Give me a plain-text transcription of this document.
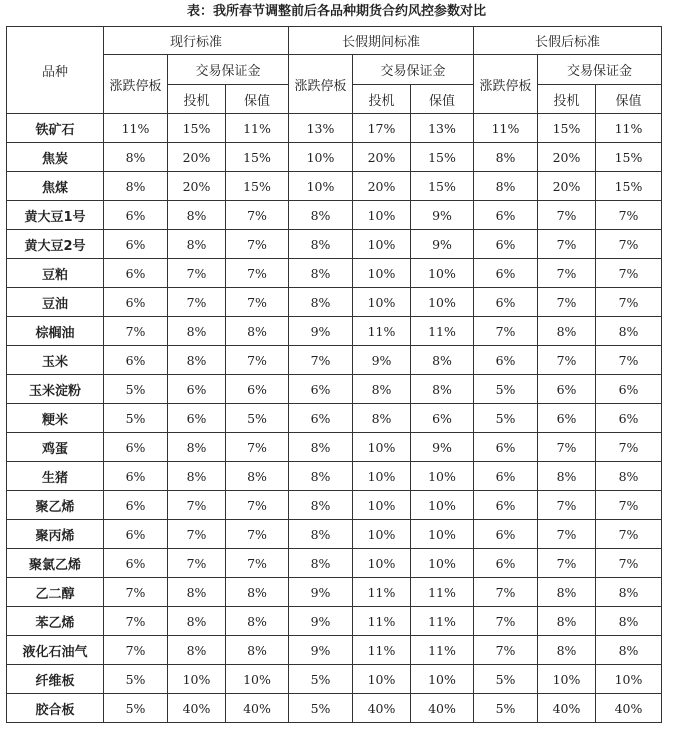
表：我所春节调整前后各品种期货合约风控参数对比
品种	现行标准			长假期间标准			长假后标准		
	涨跌停板	交易保证金		涨跌停板	交易保证金		涨跌停板	交易保证金	
		投机	保值		投机	保值		投机	保值
铁矿石	11%	15%	11%	13%	17%	13%	11%	15%	11%
焦炭	8%	20%	15%	10%	20%	15%	8%	20%	15%
焦煤	8%	20%	15%	10%	20%	15%	8%	20%	15%
黄大豆1号	6%	8%	7%	8%	10%	9%	6%	7%	7%
黄大豆2号	6%	8%	7%	8%	10%	9%	6%	7%	7%
豆粕	6%	7%	7%	8%	10%	10%	6%	7%	7%
豆油	6%	7%	7%	8%	10%	10%	6%	7%	7%
棕榈油	7%	8%	8%	9%	11%	11%	7%	8%	8%
玉米	6%	8%	7%	7%	9%	8%	6%	7%	7%
玉米淀粉	5%	6%	6%	6%	8%	8%	5%	6%	6%
粳米	5%	6%	5%	6%	8%	6%	5%	6%	6%
鸡蛋	6%	8%	7%	8%	10%	9%	6%	7%	7%
生猪	6%	8%	8%	8%	10%	10%	6%	8%	8%
聚乙烯	6%	7%	7%	8%	10%	10%	6%	7%	7%
聚丙烯	6%	7%	7%	8%	10%	10%	6%	7%	7%
聚氯乙烯	6%	7%	7%	8%	10%	10%	6%	7%	7%
乙二醇	7%	8%	8%	9%	11%	11%	7%	8%	8%
苯乙烯	7%	8%	8%	9%	11%	11%	7%	8%	8%
液化石油气	7%	8%	8%	9%	11%	11%	7%	8%	8%
纤维板	5%	10%	10%	5%	10%	10%	5%	10%	10%
胶合板	5%	40%	40%	5%	40%	40%	5%	40%	40%
